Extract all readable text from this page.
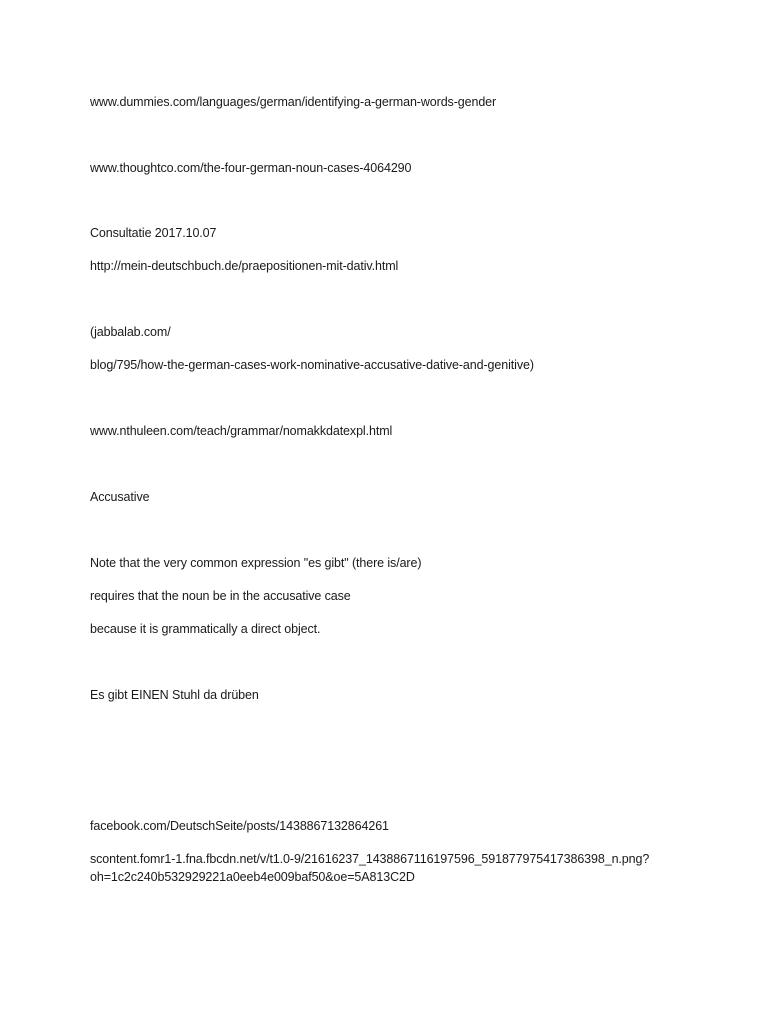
www.dummies.com/languages/german/identifying-a-german-words-gender
www.thoughtco.com/the-four-german-noun-cases-4064290
Consultatie 2017.10.07
http://mein-deutschbuch.de/praepositionen-mit-dativ.html
(jabbalab.com/
blog/795/how-the-german-cases-work-nominative-accusative-dative-and-genitive)
www.nthuleen.com/teach/grammar/nomakkdatexpl.html
Accusative
Note that the very common expression "es gibt" (there is/are)
requires that the noun be in the accusative case
because it is grammatically a direct object.
Es gibt EINEN Stuhl da drüben
facebook.com/DeutschSeite/posts/1438867132864261
scontent.fomr1-1.fna.fbcdn.net/v/t1.0-9/21616237_1438867116197596_591877975417386398_n.png?
oh=1c2c240b532929221a0eeb4e009baf50&oe=5A813C2D
